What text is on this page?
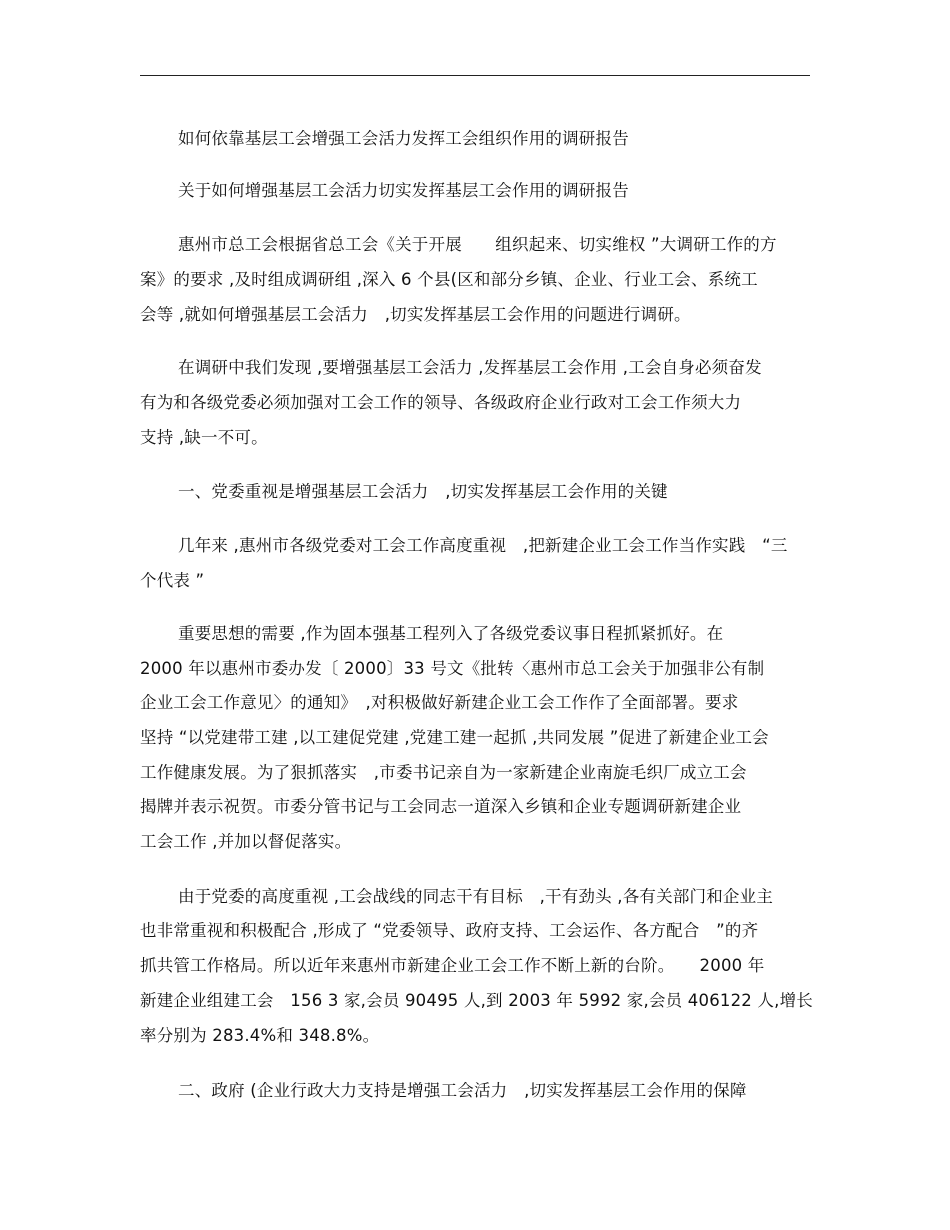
如何依靠基层工会增强工会活力发挥工会组织作用的调研报告
关于如何增强基层工会活力切实发挥基层工会作用的调研报告
惠州市总工会根据省总工会《关于开展　　组织起来、切实维权 ”大调研工作的方
案》的要求 ,及时组成调研组 ,深入 6 个县(区和部分乡镇、企业、行业工会、系统工
会等 ,就如何增强基层工会活力　,切实发挥基层工会作用的问题进行调研。
在调研中我们发现 ,要增强基层工会活力 ,发挥基层工会作用 ,工会自身必须奋发
有为和各级党委必须加强对工会工作的领导、各级政府企业行政对工会工作须大力
支持 ,缺一不可。
一、党委重视是增强基层工会活力　,切实发挥基层工会作用的关键
几年来 ,惠州市各级党委对工会工作高度重视　,把新建企业工会工作当作实践　“三
个代表 ”
重要思想的需要 ,作为固本强基工程列入了各级党委议事日程抓紧抓好。在
2000 年以惠州市委办发〔 2000〕33 号文《批转〈惠州市总工会关于加强非公有制
企业工会工作意见〉的通知》　,对积极做好新建企业工会工作作了全面部署。要求
坚持 “以党建带工建 ,以工建促党建 ,党建工建一起抓 ,共同发展 ”促进了新建企业工会
工作健康发展。为了狠抓落实　,市委书记亲自为一家新建企业南旋毛织厂成立工会
揭牌并表示祝贺。市委分管书记与工会同志一道深入乡镇和企业专题调研新建企业
工会工作 ,并加以督促落实。
由于党委的高度重视 ,工会战线的同志干有目标　,干有劲头 ,各有关部门和企业主
也非常重视和积极配合 ,形成了 “党委领导、政府支持、工会运作、各方配合　”的齐
抓共管工作格局。所以近年来惠州市新建企业工会工作不断上新的台阶。　　2000 年
新建企业组建工会　156 3 家,会员 90495 人,到 2003 年 5992 家,会员 406122 人,增长
率分别为 283.4%和 348.8%。
二、政府 (企业行政大力支持是增强工会活力　,切实发挥基层工会作用的保障
